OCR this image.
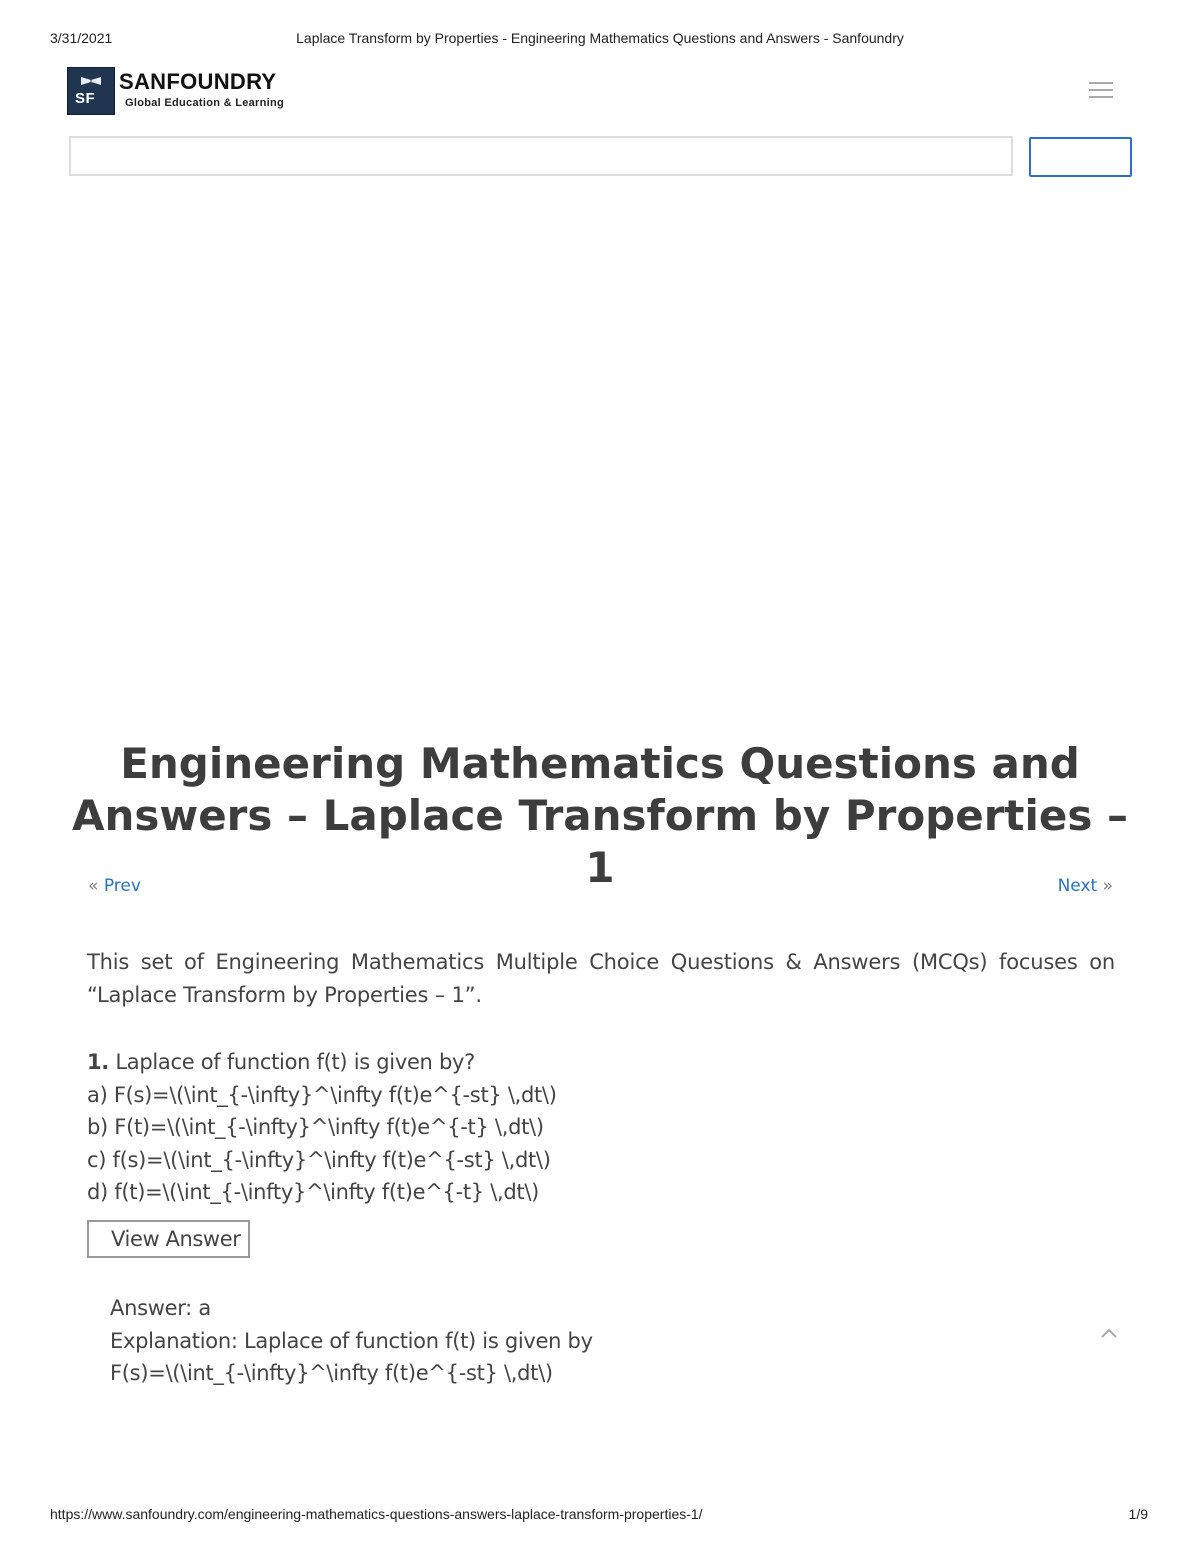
3/31/2021	Laplace Transform by Properties - Engineering Mathematics Questions and Answers - Sanfoundry
SF
SANFOUNDRY
Global Education & Learning
Engineering Mathematics Questions and Answers – Laplace Transform by Properties – 1
« Prev	Next »

This set of Engineering Mathematics Multiple Choice Questions & Answers (MCQs) focuses on “Laplace Transform by Properties – 1”.

1. Laplace of function f(t) is given by?
a) F(s)=\(\int_{-\infty}^\infty f(t)e^{-st} \,dt\)
b) F(t)=\(\int_{-\infty}^\infty f(t)e^{-t} \,dt\)
c) f(s)=\(\int_{-\infty}^\infty f(t)e^{-st} \,dt\)
d) f(t)=\(\int_{-\infty}^\infty f(t)e^{-t} \,dt\)
View Answer
Answer: a
Explanation: Laplace of function f(t) is given by
F(s)=\(\int_{-\infty}^\infty f(t)e^{-st} \,dt\)
https://www.sanfoundry.com/engineering-mathematics-questions-answers-laplace-transform-properties-1/	1/9
